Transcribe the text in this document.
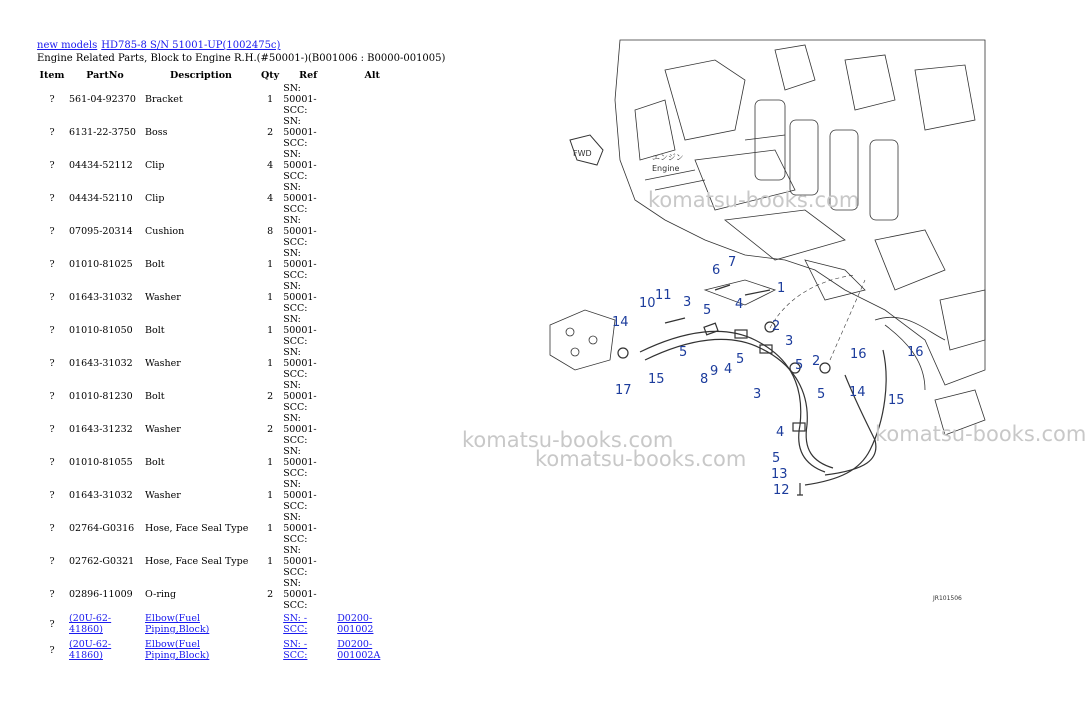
new models HD785-8 S/N 51001-UP(1002475c)
Engine Related Parts, Block to Engine R.H.(#50001-)(B001006 : B0000-001005)
Item	PartNo	Description	Qty	Ref	Alt
?	561-04-92370	Bracket	1	SN: 50001-
SCC:	
?	6131-22-3750	Boss	2	SN: 50001-
SCC:	
?	04434-52112	Clip	4	SN: 50001-
SCC:	
?	04434-52110	Clip	4	SN: 50001-
SCC:	
?	07095-20314	Cushion	8	SN: 50001-
SCC:	
?	01010-81025	Bolt	1	SN: 50001-
SCC:	
?	01643-31032	Washer	1	SN: 50001-
SCC:	
?	01010-81050	Bolt	1	SN: 50001-
SCC:	
?	01643-31032	Washer	1	SN: 50001-
SCC:	
?	01010-81230	Bolt	2	SN: 50001-
SCC:	
?	01643-31232	Washer	2	SN: 50001-
SCC:	
?	01010-81055	Bolt	1	SN: 50001-
SCC:	
?	01643-31032	Washer	1	SN: 50001-
SCC:	
?	02764-G0316	Hose, Face Seal Type	1	SN: 50001-
SCC:	
?	02762-G0321	Hose, Face Seal Type	1	SN: 50001-
SCC:	
?	02896-11009	O-ring	2	SN: 50001-
SCC:	
?	(20U-62-41860)	Elbow(Fuel Piping,Block)		SN: -
SCC:	D0200-001002
?	(20U-62-41860)	Elbow(Fuel Piping,Block)		SN: -
SCC:	D0200-001002A
FWD	エンジン
Engine
1
2
3
3
3
4
4
4
5
5
5	5
5
5
6
7
8
9
10
11
12
13
14
14
15
15
16	16
17
2
JR101506
komatsu-books.com
komatsu-books.com
komatsu-books.com
komatsu-books.com
